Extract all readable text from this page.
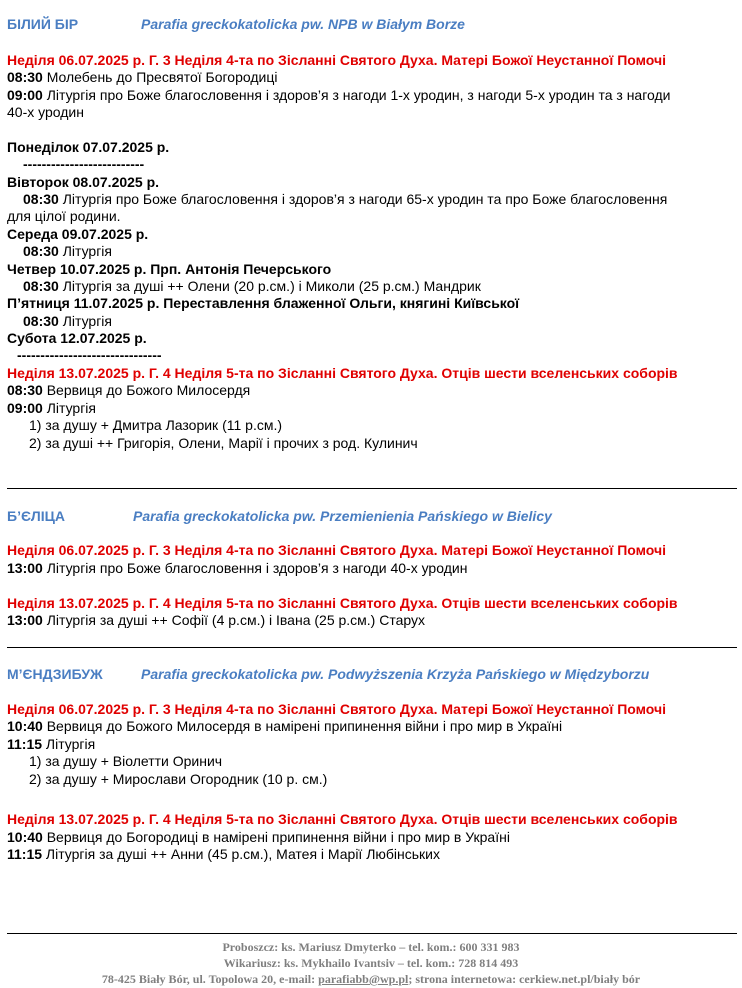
БІЛИЙ БІР	Parafia greckokatolicka pw. NPB w Białym Borze
Неділя 06.07.2025 р. Г. 3 Неділя 4-та по Зісланні Святого Духа. Матері Божої Неустанної Помочі
08:30 Молебень до Пресвятої Богородиці
09:00 Літургія про Боже благословення і здоров’я з нагоди 1-х уродин, з нагоди 5-х уродин та з нагоди
40-х уродин
Понеділок 07.07.2025 р.
--------------------------
Вівторок 08.07.2025 р.
08:30 Літургія про Боже благословення і здоров’я з нагоди 65-х уродин та про Боже благословення
для цілої родини.
Середа 09.07.2025 р.
08:30 Літургія
Четвер 10.07.2025 р. Прп. Антонія Печерського
08:30 Літургія за душі ++ Олени (20 р.см.) і Миколи (25 р.см.) Мандрик
П’ятниця 11.07.2025 р. Переставлення блаженної Ольги, княгині Київської
08:30 Літургія
Субота 12.07.2025 р.
-------------------------------
Неділя 13.07.2025 р. Г. 4 Неділя 5-та по Зісланні Святого Духа. Отців шести вселенських соборів
08:30 Вервиця до Божого Милосердя
09:00 Літургія
1) за душу + Дмитра Лазорик (11 р.см.)
2) за душі ++ Григорія, Олени, Марії і прочих з род. Кулинич
Б’ЄЛІЦА	Parafia greckokatolicka pw. Przemienienia Pańskiego w Bielicy
Неділя 06.07.2025 р. Г. 3 Неділя 4-та по Зісланні Святого Духа. Матері Божої Неустанної Помочі
13:00 Літургія про Боже благословення і здоров’я з нагоди 40-х уродин
Неділя 13.07.2025 р. Г. 4 Неділя 5-та по Зісланні Святого Духа. Отців шести вселенських соборів
13:00 Літургія за душі ++ Софії (4 р.см.) і Івана (25 р.см.) Старух
М’ЄНДЗИБУЖ	Parafia greckokatolicka pw. Podwyższenia Krzyża Pańskiego w Międzyborzu
Неділя 06.07.2025 р. Г. 3 Неділя 4-та по Зісланні Святого Духа. Матері Божої Неустанної Помочі
10:40 Вервиця до Божого Милосердя в намірені припинення війни і про мир в Україні
11:15 Літургія
1) за душу + Віолетти Оринич
2) за душу + Мирослави Огородник (10 р. см.)
Неділя 13.07.2025 р. Г. 4 Неділя 5-та по Зісланні Святого Духа. Отців шести вселенських соборів
10:40 Вервиця до Богородиці в намірені припинення війни і про мир в Україні
11:15 Літургія за душі ++ Анни (45 р.см.), Матея і Марії Любінських
Proboszcz: ks. Mariusz Dmyterko – tel. kom.: 600 331 983
Wikariusz: ks. Mykhailo Ivantsiv – tel. kom.: 728 814 493
78-425 Biały Bór, ul. Topolowa 20, e-mail: parafiabb@wp.pl; strona internetowa: cerkiew.net.pl/biały bór
